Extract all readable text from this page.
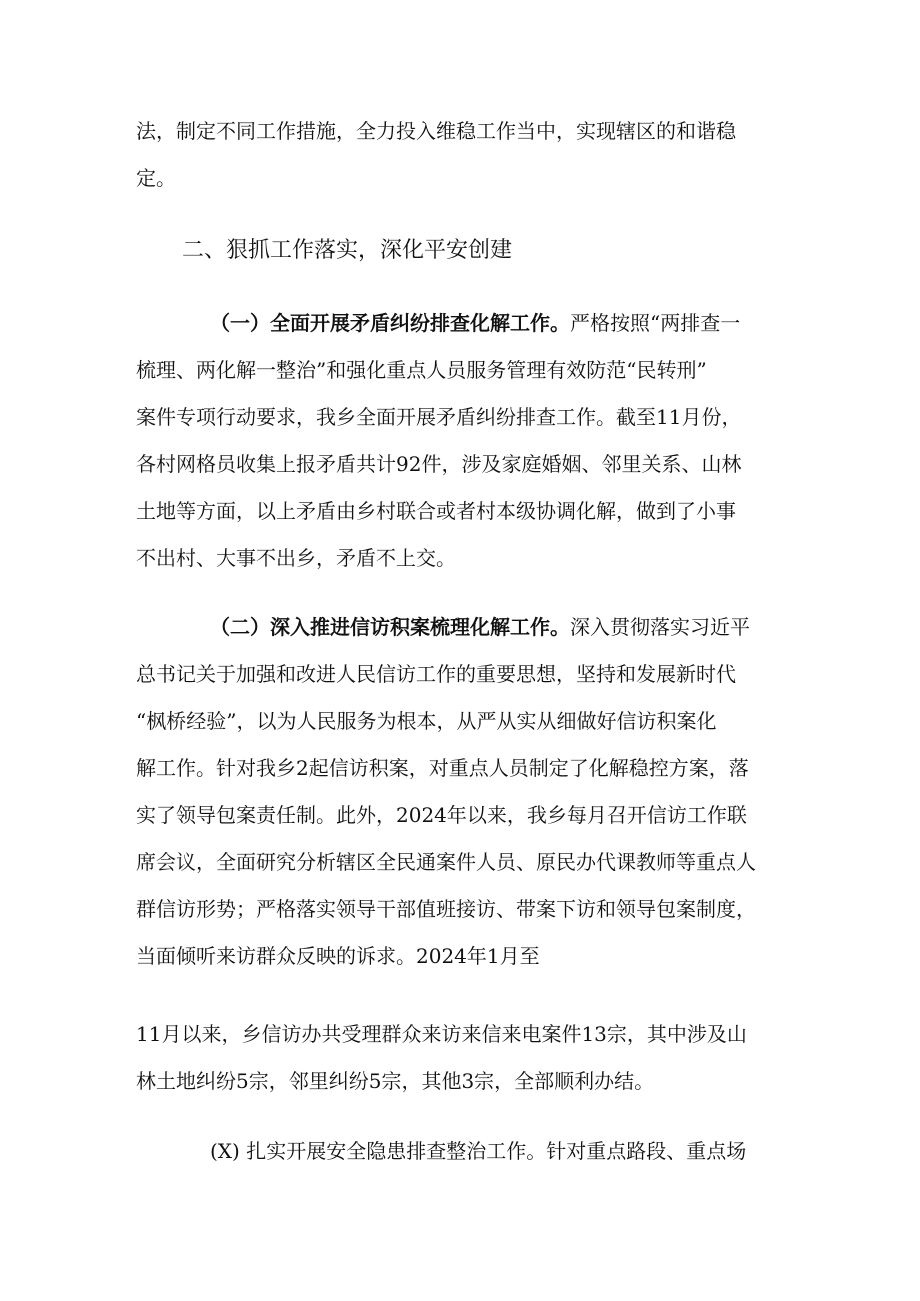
法，制定不同工作措施，全力投入维稳工作当中，实现辖区的和谐稳
定。
二、狠抓工作落实，深化平安创建
（一）全面开展矛盾纠纷排查化解工作。严格按照“两排查一
梳理、两化解一整治”和强化重点人员服务管理有效防范“民转刑”
案件专项行动要求，我乡全面开展矛盾纠纷排查工作。截至11月份，
各村网格员收集上报矛盾共计92件，涉及家庭婚姻、邻里关系、山林
土地等方面，以上矛盾由乡村联合或者村本级协调化解，做到了小事
不出村、大事不出乡，矛盾不上交。
（二）深入推进信访积案梳理化解工作。深入贯彻落实习近平
总书记关于加强和改进人民信访工作的重要思想，坚持和发展新时代
“枫桥经验”，以为人民服务为根本，从严从实从细做好信访积案化
解工作。针对我乡2起信访积案，对重点人员制定了化解稳控方案，落
实了领导包案责任制。此外，2024年以来，我乡每月召开信访工作联
席会议，全面研究分析辖区全民通案件人员、原民办代课教师等重点人
群信访形势；严格落实领导干部值班接访、带案下访和领导包案制度，
当面倾听来访群众反映的诉求。2024年1月至
11月以来，乡信访办共受理群众来访来信来电案件13宗，其中涉及山
林土地纠纷5宗，邻里纠纷5宗，其他3宗，全部顺利办结。
(X) 扎实开展安全隐患排查整治工作。针对重点路段、重点场
